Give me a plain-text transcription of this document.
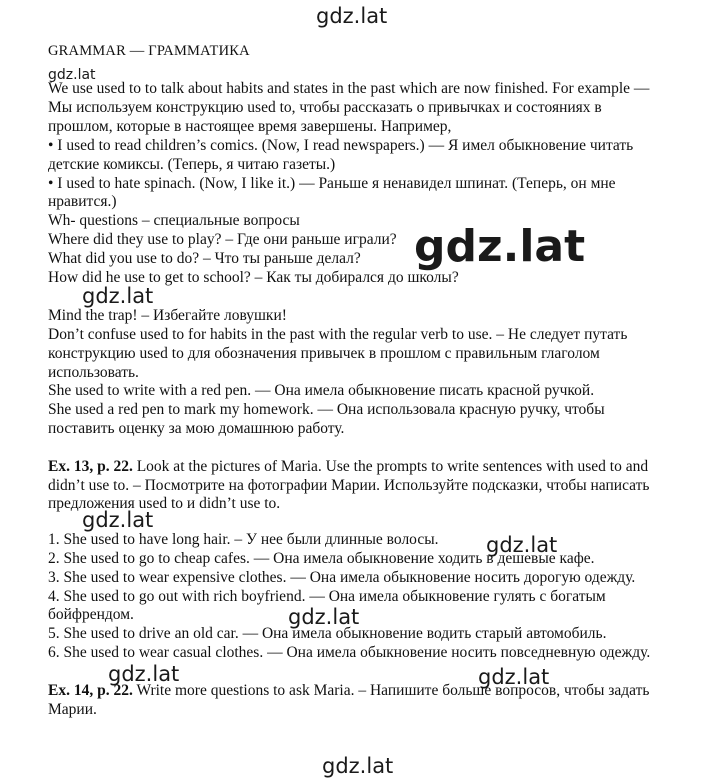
gdz.lat
gdz.lat
gdz.lat
gdz.lat
gdz.lat
gdz.lat
gdz.lat
gdz.lat	gdz.lat
gdz.lat
GRAMMAR — ГРАММАТИКА
We use used to to talk about habits and states in the past which are now finished. For example —
Мы используем конструкцию used to, чтобы рассказать о привычках и состояниях в
прошлом, которые в настоящее время завершены. Например,
• I used to read children’s comics. (Now, I read newspapers.) — Я имел обыкновение читать
детские комиксы. (Теперь, я читаю газеты.)
• I used to hate spinach. (Now, I like it.) — Раньше я ненавидел шпинат. (Теперь, он мне
нравится.)
Wh- questions – специальные вопросы
Where did they use to play? – Где они раньше играли?
What did you use to do? – Что ты раньше делал?
How did he use to get to school? – Как ты добирался до школы?
Mind the trap! – Избегайте ловушки!
Don’t confuse used to for habits in the past with the regular verb to use. – Не следует путать
конструкцию used to для обозначения привычек в прошлом с правильным глаголом
использовать.
She used to write with a red pen. — Она имела обыкновение писать красной ручкой.
She used a red pen to mark my homework. — Она использовала красную ручку, чтобы
поставить оценку за мою домашнюю работу.
Ex. 13, p. 22. Look at the pictures of Maria. Use the prompts to write sentences with used to and
didn’t use to. – Посмотрите на фотографии Марии. Используйте подсказки, чтобы написать
предложения used to и didn’t use to.
1. She used to have long hair. – У нее были длинные волосы.
2. She used to go to cheap cafes. — Она имела обыкновение ходить в дешевые кафе.
3. She used to wear expensive clothes. — Она имела обыкновение носить дорогую одежду.
4. She used to go out with rich boyfriend. — Она имела обыкновение гулять с богатым
бойфрендом.
5. She used to drive an old car. — Она имела обыкновение водить старый автомобиль.
6. She used to wear casual clothes. — Она имела обыкновение носить повседневную одежду.
Ex. 14, p. 22. Write more questions to ask Maria. – Напишите больше вопросов, чтобы задать
Марии.
